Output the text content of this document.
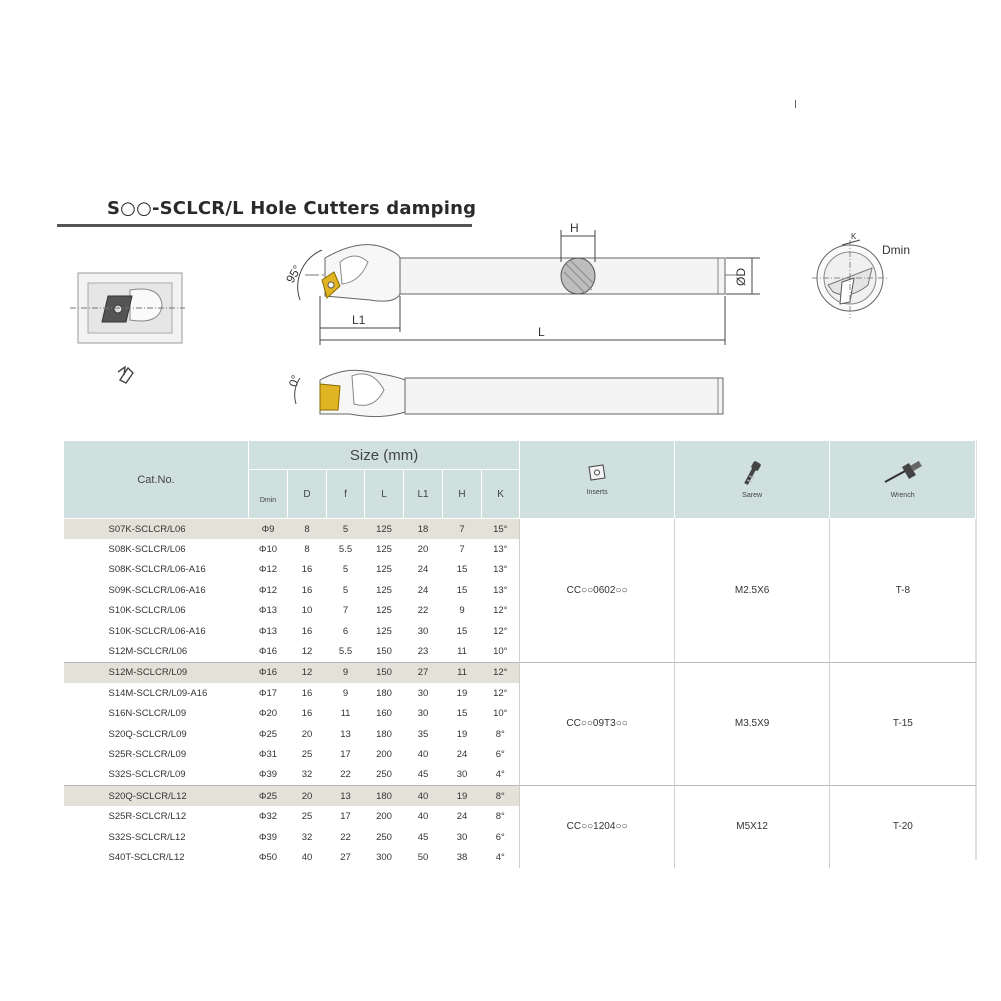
S○○-SCLCR/L Hole Cutters damping
H
ØD
L1
L
95°
K
Dmin
0°
Cat.No.	Size (mm)							Inserts	Sarew	Wrench
	Dmin	D	f	L	L1	H	K			
S07K-SCLCR/L06	Φ9	8	5	125	18	7	15°	CC○○0602○○	M2.5X6	T-8
S08K-SCLCR/L06	Φ10	8	5.5	125	20	7	13°			
S08K-SCLCR/L06-A16	Φ12	16	5	125	24	15	13°			
S09K-SCLCR/L06-A16	Φ12	16	5	125	24	15	13°			
S10K-SCLCR/L06	Φ13	10	7	125	22	9	12°			
S10K-SCLCR/L06-A16	Φ13	16	6	125	30	15	12°			
S12M-SCLCR/L06	Φ16	12	5.5	150	23	11	10°			
S12M-SCLCR/L09	Φ16	12	9	150	27	11	12°	CC○○09T3○○	M3.5X9	T-15
S14M-SCLCR/L09-A16	Φ17	16	9	180	30	19	12°			
S16N-SCLCR/L09	Φ20	16	11	160	30	15	10°			
S20Q-SCLCR/L09	Φ25	20	13	180	35	19	8°			
S25R-SCLCR/L09	Φ31	25	17	200	40	24	6°			
S32S-SCLCR/L09	Φ39	32	22	250	45	30	4°			
S20Q-SCLCR/L12	Φ25	20	13	180	40	19	8°	CC○○1204○○	M5X12	T-20
S25R-SCLCR/L12	Φ32	25	17	200	40	24	8°			
S32S-SCLCR/L12	Φ39	32	22	250	45	30	6°			
S40T-SCLCR/L12	Φ50	40	27	300	50	38	4°			
